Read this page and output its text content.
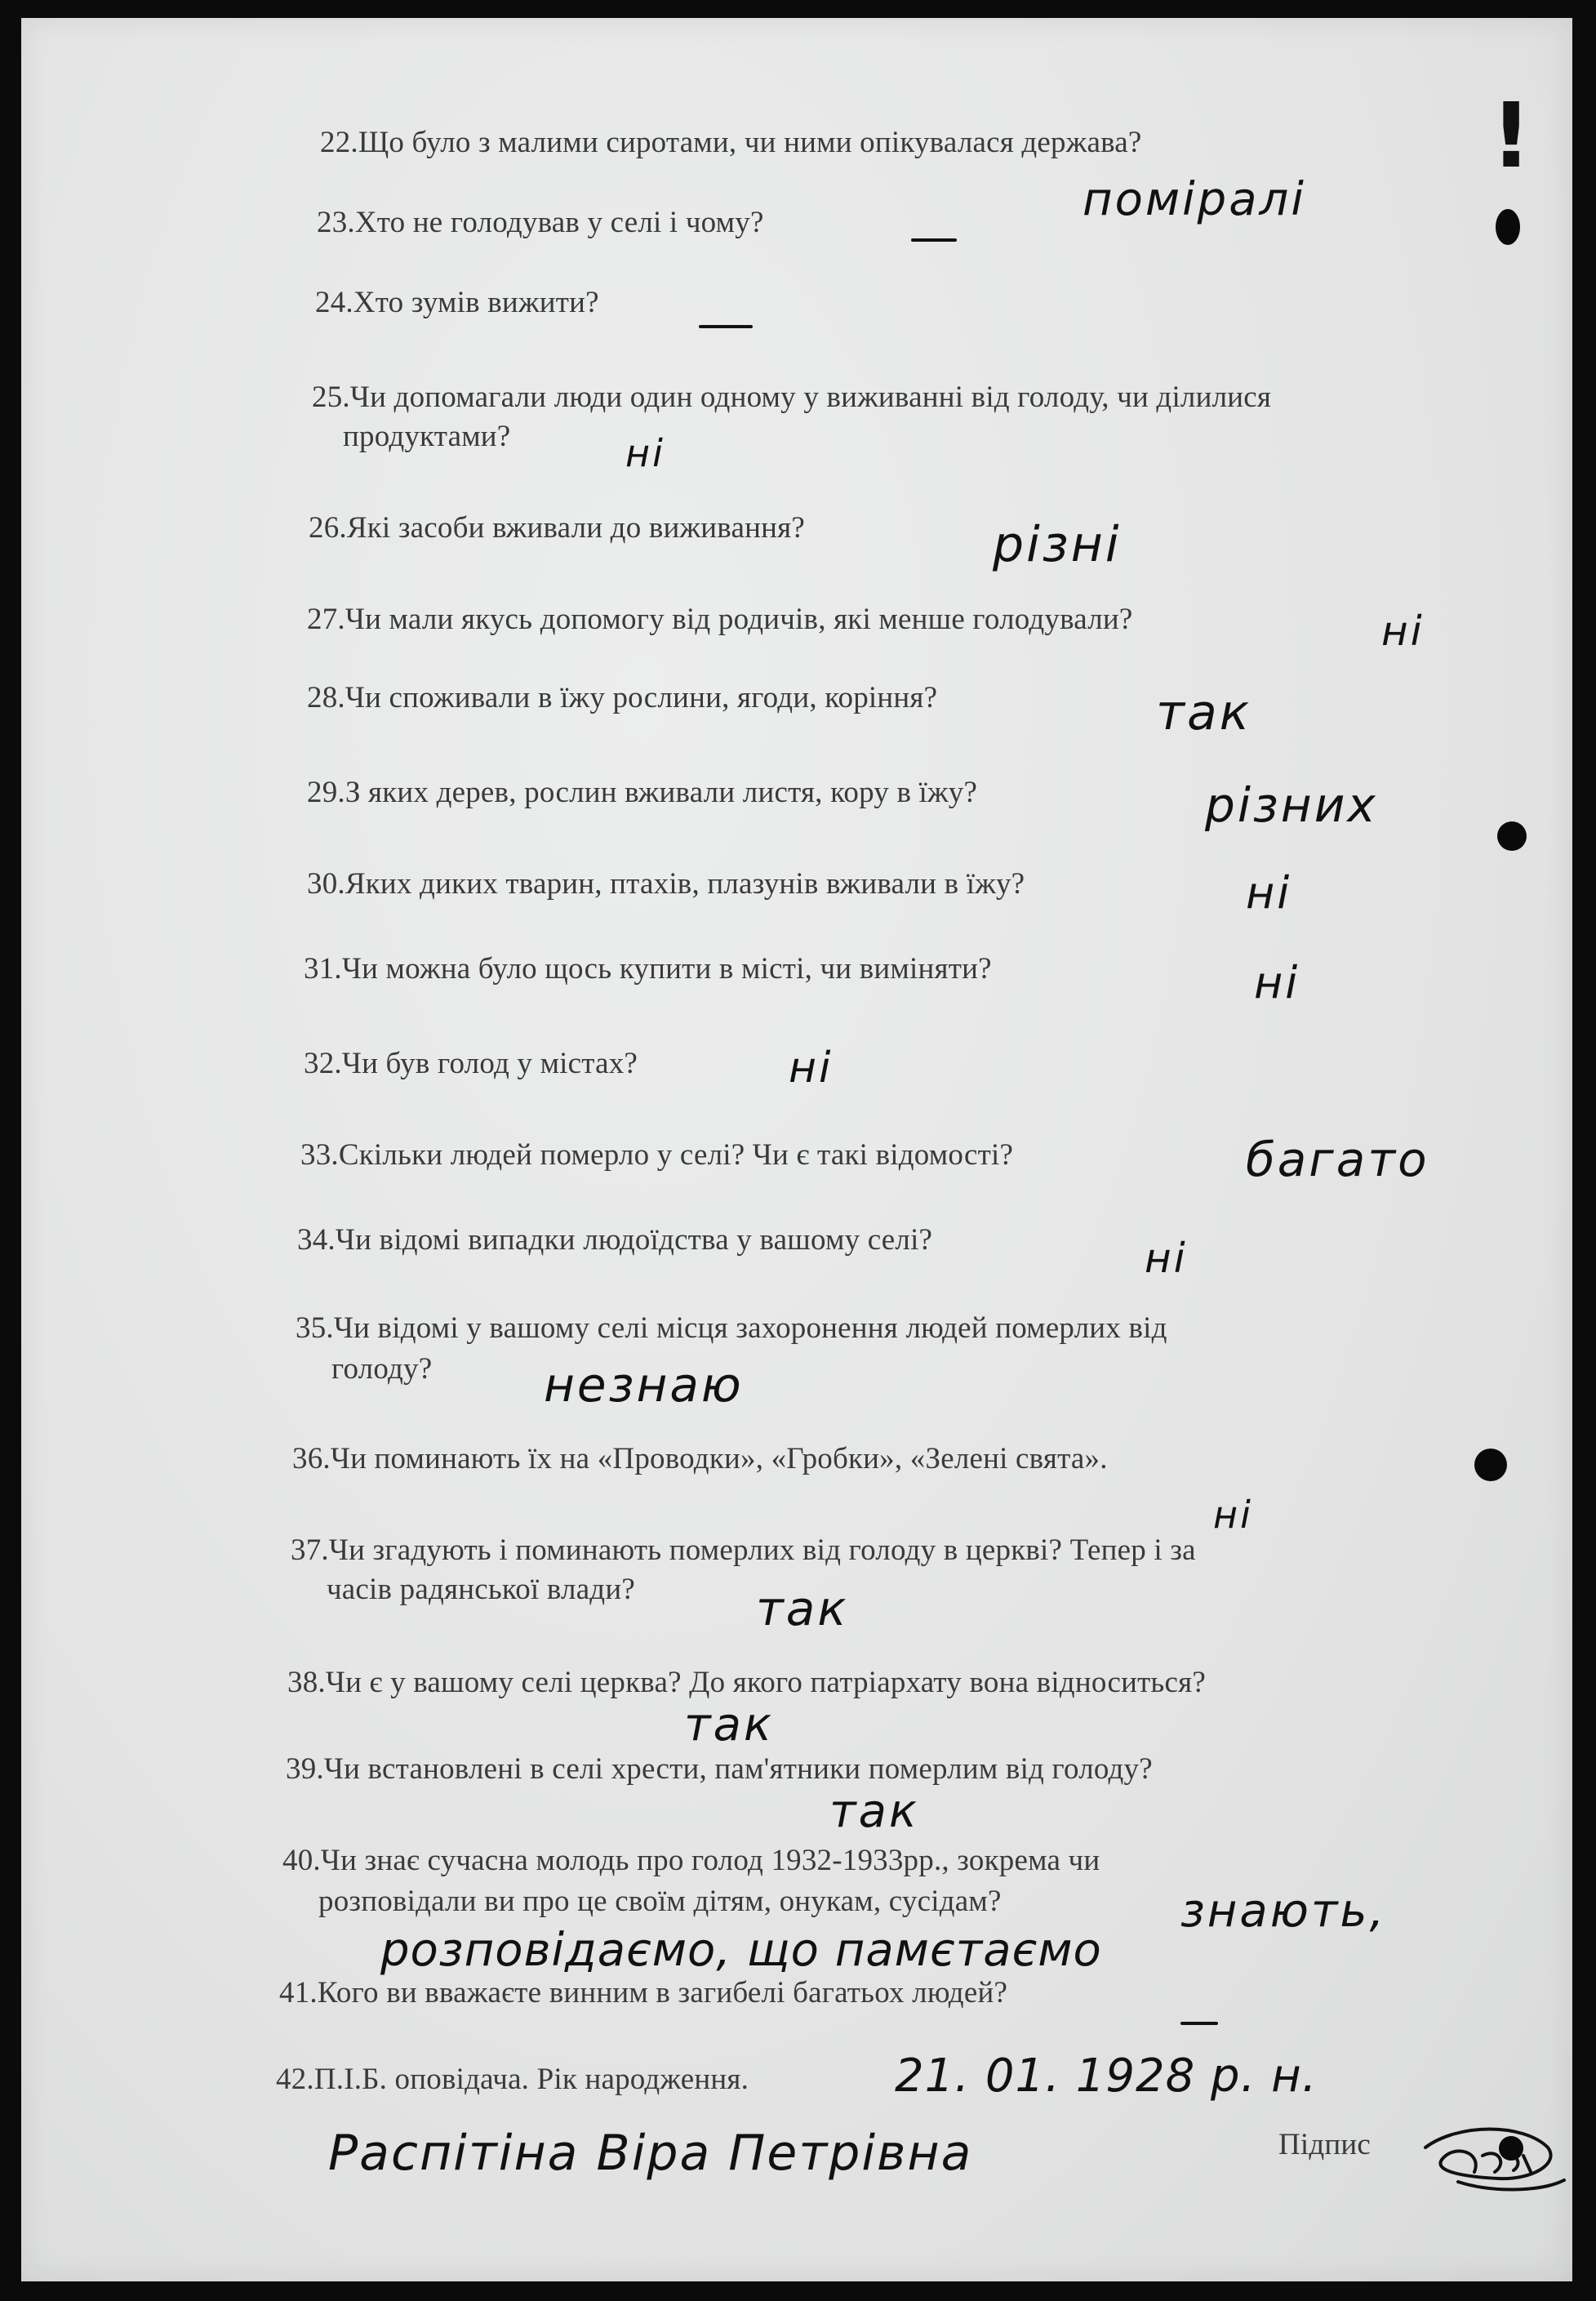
22.Що було з малими сиротами, чи ними опікувалася держава?
23.Хто не голодував у селі і чому?
24.Хто зумів вижити?
25.Чи допомагали люди один одному у виживанні від голоду, чи ділилися
продуктами?
26.Які засоби вживали до виживання?
27.Чи мали якусь допомогу від родичів, які менше голодували?
28.Чи споживали в їжу рослини, ягоди, коріння?
29.З яких дерев, рослин вживали листя, кору в їжу?
30.Яких диких тварин, птахів, плазунів вживали в їжу?
31.Чи можна було щось купити в місті, чи виміняти?
32.Чи був голод у містах?
33.Скільки людей померло у селі? Чи є такі відомості?
34.Чи відомі випадки людоїдства у вашому селі?
35.Чи відомі у вашому селі місця захоронення людей померлих від
голоду?
36.Чи поминають їх на «Проводки», «Гробки», «Зелені свята».
37.Чи згадують і поминають померлих від голоду в церкві? Тепер і за
часів радянської влади?
38.Чи є у вашому селі церква? До якого патріархату вона відноситься?
39.Чи встановлені в селі хрести, пам'ятники померлим від голоду?
40.Чи знає сучасна молодь про голод 1932-1933рр., зокрема чи
розповідали ви про це своїм дітям, онукам, сусідам?
41.Кого ви вважаєте винним в загибелі багатьох людей?
42.П.І.Б. оповідача. Рік народження.
Підпис
!
поміралі
ні
різні
ні
так
різних
ні
ні
ні
багато
ні
незнаю
ні
так
так
так
знають,
розповідаємо, що памєтаємо
21. 01. 1928 р. н.
Распітіна Віра Петрівна
